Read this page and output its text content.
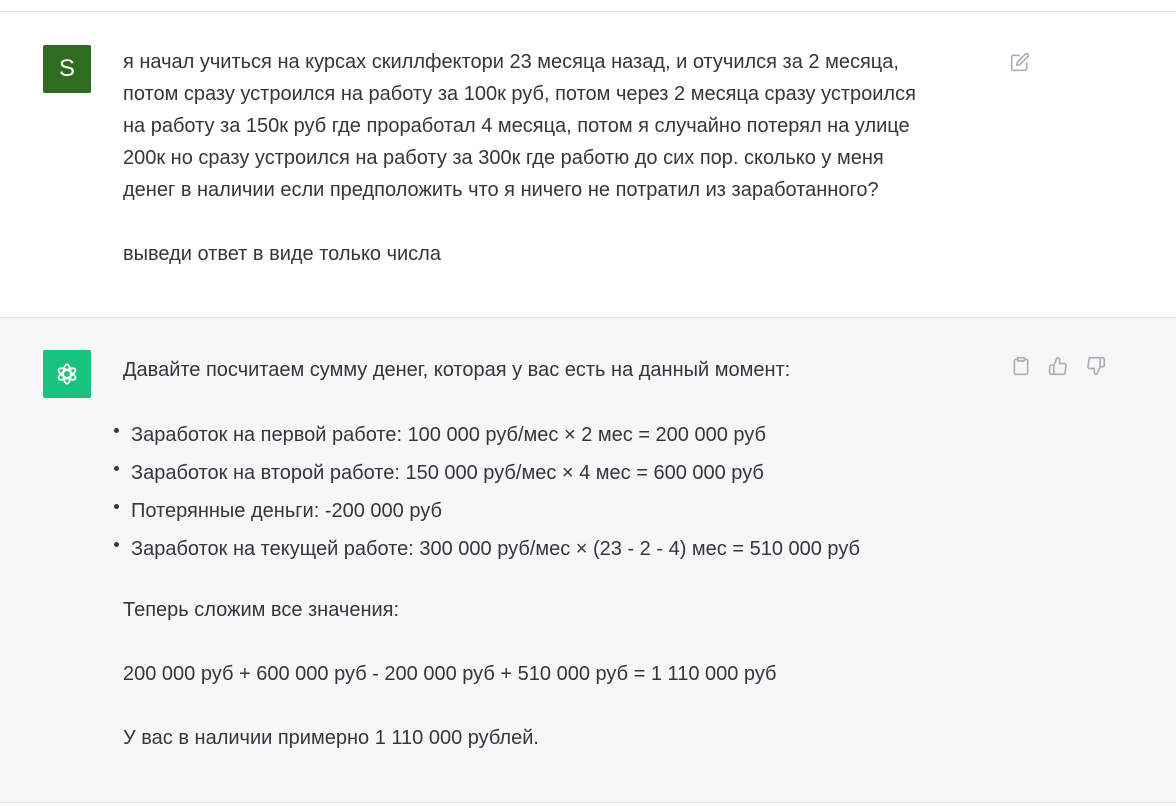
S я начал учиться на курсах скиллфектори 23 месяца назад, и отучился за 2 месяца,

потом сразу устроился на работу за 100к руб, потом через 2 месяца сразу устроился

на работу за 150к руб где проработал 4 месяца, потом я случайно потерял на улице

200к но сразу устроился на работу за 300к где работю до сих пор. сколько у меня

денег в наличии если предположить что я ничего не потратил из заработанного?

выведи ответ в виде только числа

Давайте посчитаем сумму денег, которая у вас есть на данный момент:
Заработок на первой работе: 100 000 руб/мес × 2 мес = 200 000 руб
Заработок на второй работе: 150 000 руб/мес × 4 мес = 600 000 руб
Потерянные деньги: -200 000 руб
Заработок на текущей работе: 300 000 руб/мес × (23 - 2 - 4) мес = 510 000 руб
Теперь сложим все значения:
200 000 руб + 600 000 руб - 200 000 руб + 510 000 руб = 1 110 000 руб
У вас в наличии примерно 1 110 000 рублей.
